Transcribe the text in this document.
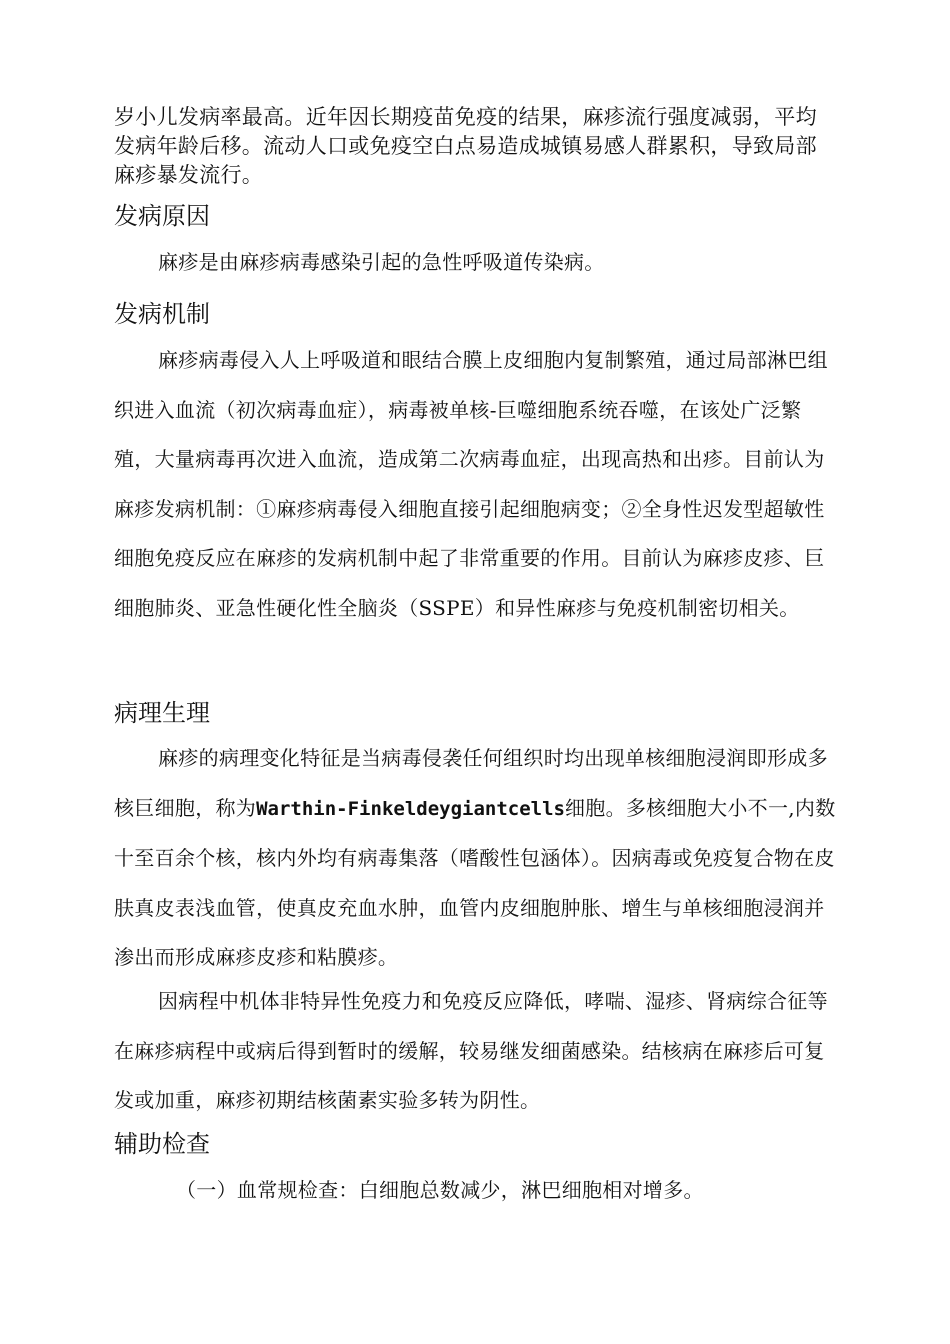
岁小儿发病率最高。近年因长期疫苗免疫的结果，麻疹流行强度减弱，平均发病年龄后移。流动人口或免疫空白点易造成城镇易感人群累积，导致局部麻疹暴发流行。

发病原因

麻疹是由麻疹病毒感染引起的急性呼吸道传染病。

发病机制

麻疹病毒侵入人上呼吸道和眼结合膜上皮细胞内复制繁殖，通过局部淋巴组织进入血流（初次病毒血症），病毒被单核-巨噬细胞系统吞噬，在该处广泛繁殖，大量病毒再次进入血流，造成第二次病毒血症，出现高热和出疹。目前认为麻疹发病机制：①麻疹病毒侵入细胞直接引起细胞病变；②全身性迟发型超敏性细胞免疫反应在麻疹的发病机制中起了非常重要的作用。目前认为麻疹皮疹、巨细胞肺炎、亚急性硬化性全脑炎（SSPE）和异性麻疹与免疫机制密切相关。

病理生理

麻疹的病理变化特征是当病毒侵袭任何组织时均出现单核细胞浸润即形成多核巨细胞，称为Warthin-Finkeldeygiantcells细胞。多核细胞大小不一,内数十至百余个核，核内外均有病毒集落（嗜酸性包涵体）。因病毒或免疫复合物在皮肤真皮表浅血管，使真皮充血水肿，血管内皮细胞肿胀、增生与单核细胞浸润并渗出而形成麻疹皮疹和粘膜疹。

因病程中机体非特异性免疫力和免疫反应降低，哮喘、湿疹、肾病综合征等在麻疹病程中或病后得到暂时的缓解，较易继发细菌感染。结核病在麻疹后可复发或加重，麻疹初期结核菌素实验多转为阴性。

辅助检查

（一）血常规检查：白细胞总数减少，淋巴细胞相对增多。
